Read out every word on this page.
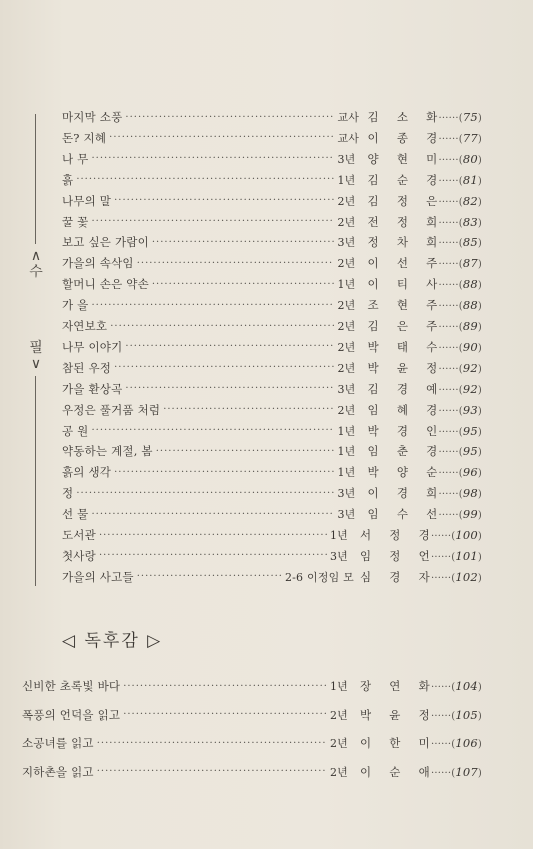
∧
수
필
∨
마지막 소풍 ·····	교사 김 소 화 ······(75)
돈? 지혜 ·····	교사 이 종 경 ······(77)
나 무 ·····	3년	양 현 미 ······(80)
흙 ·····	1년	김 순 경 ······(81)
나무의 말 ·····	2년	김 정 은 ······(82)
꿀 꽃 ·····	2년	전 정 희 ······(83)
보고 싶은 가람이 ·····	3년	정 차 희 ······(85)
가을의 속삭임 ·····	2년	이 선 주 ······(87)
할머니 손은 약손 ·····	1년	이 티 사 ······(88)
가 을 ·····	2년	조 현 주 ······(88)
자연보호 ·····	2년	김 은 주 ······(89)
나무 이야기 ·····	2년	박 태 수 ······(90)
참된 우정 ·····	2년	박 윤 정 ······(92)
가을 환상곡 ·····	3년	김 경 예 ······(92)
우정은 풀거품 처럼 ·····	2년	임 혜 경 ······(93)
공 원 ·····	1년	박 경 인 ······(95)
약동하는 계절, 봄 ·····	1년	임 춘 경 ······(95)
흙의 생각 ·····	1년	박 양 순 ······(96)
정 ·····	3년	이 경 희 ······(98)
선 물 ·····	3년	임 수 선 ······(99)
도서관 ·····	1년	서 정 경 ······(100)
첫사랑 ·····	3년	임 정 언 ······(101)
가을의 사고들 ·····	2-6 이정임 모 심 경 자 ······(102)
◁ 독후감 ▷
신비한 초록빛 바다 ·····	1년	장 연 화 ······(104)
폭풍의 언덕을 읽고 ·····	2년	박 윤 정 ······(105)
소공녀를 읽고 ·····	2년	이 한 미 ······(106)
지하촌을 읽고 ·····	2년	이 순 애 ······(107)
